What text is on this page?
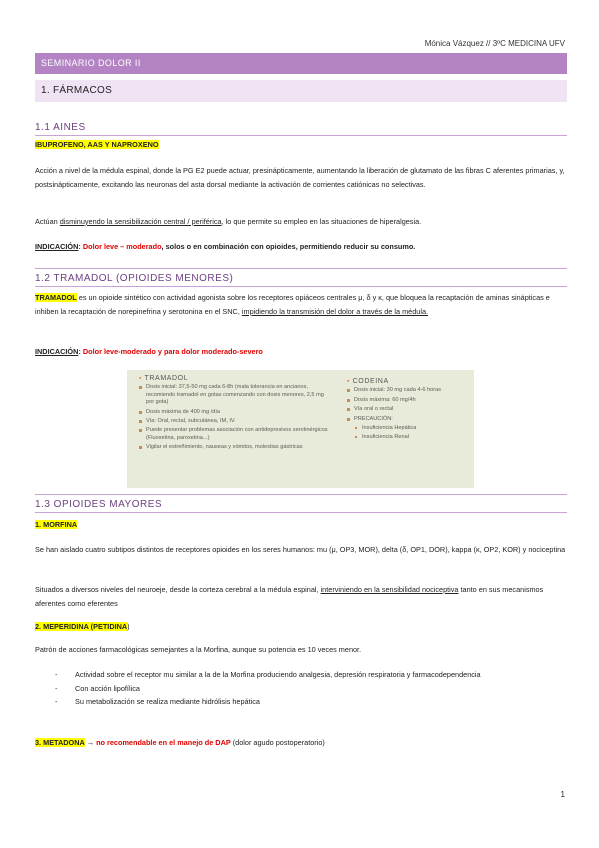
Mónica Vázquez // 3ºC MEDICINA UFV
SEMINARIO DOLOR II
1. FÁRMACOS
1.1 AINES
IBUPROFENO, AAS Y NAPROXENO
Acción a nivel de la médula espinal, donde la PG E2 puede actuar, presinápticamente, aumentando la liberación de glutamato de las fibras C aferentes primarias, y, postsinápticamente, excitando las neuronas del asta dorsal mediante la activación de corrientes catiónicas no selectivas.
Actúan disminuyendo la sensibilización central / periférica, lo que permite su empleo en las situaciones de hiperalgesia.
INDICACIÓN: Dolor leve – moderado, solos o en combinación con opioides, permitiendo reducir su consumo.
1.2 TRAMADOL (OPIOIDES MENORES)
TRAMADOL es un opioide sintético con actividad agonista sobre los receptores opiáceos centrales μ, δ y κ, que bloquea la recaptación de aminas sinápticas e inhiben la recaptación de norepinefrina y serotonina en el SNC, impidiendo la transmisión del dolor a través de la médula.
INDICACIÓN: Dolor leve-moderado y para dolor moderado-severo
▪ TRAMADOL
Dosis inicial: 37,5-50 mg cada 6-8h (mala tolerancia en ancianos, recomiendo tramadol en gotas comenzando con dosis menores, 2,5 mg por gota)
Dosis máxima de 400 mg /día
Vía: Oral, rectal, subcutánea, IM, IV.
Puede presentar problemas asociación con antidepresivos serotinérgicos (Fluoxetina, paroxetina...)
Vigilar el estreñimiento, nauseas y vómitos, molestias gástricas
▪ CODEINA
Dosis inicial: 30 mg cada 4-6 horas
Dosis máxima: 60 mg/4h
Vía oral o rectal
PRECAUCIÓN:
Insuficiencia Hepática
Insuficiencia Renal
1.3 OPIOIDES MAYORES
1. MORFINA
Se han aislado cuatro subtipos distintos de receptores opioides en los seres humanos: mu (μ, OP3, MOR), delta (δ, OP1, DOR), kappa (κ, OP2, KOR) y nociceptina
Situados a diversos niveles del neuroeje, desde la corteza cerebral a la médula espinal, interviniendo en la sensibilidad nociceptiva tanto en sus mecanismos aferentes como eferentes
2. MEPERIDINA (PETIDINA)
Patrón de acciones farmacológicas semejantes a la Morfina, aunque su potencia es 10 veces menor.
- Actividad sobre el receptor mu similar a la de la Morfina produciendo analgesia, depresión respiratoria y farmacodependencia
- Con acción lipofílica
- Su metabolización se realiza mediante hidrólisis hepática
3. METADONA → no recomendable en el manejo de DAP (dolor agudo postoperatorio)
1
